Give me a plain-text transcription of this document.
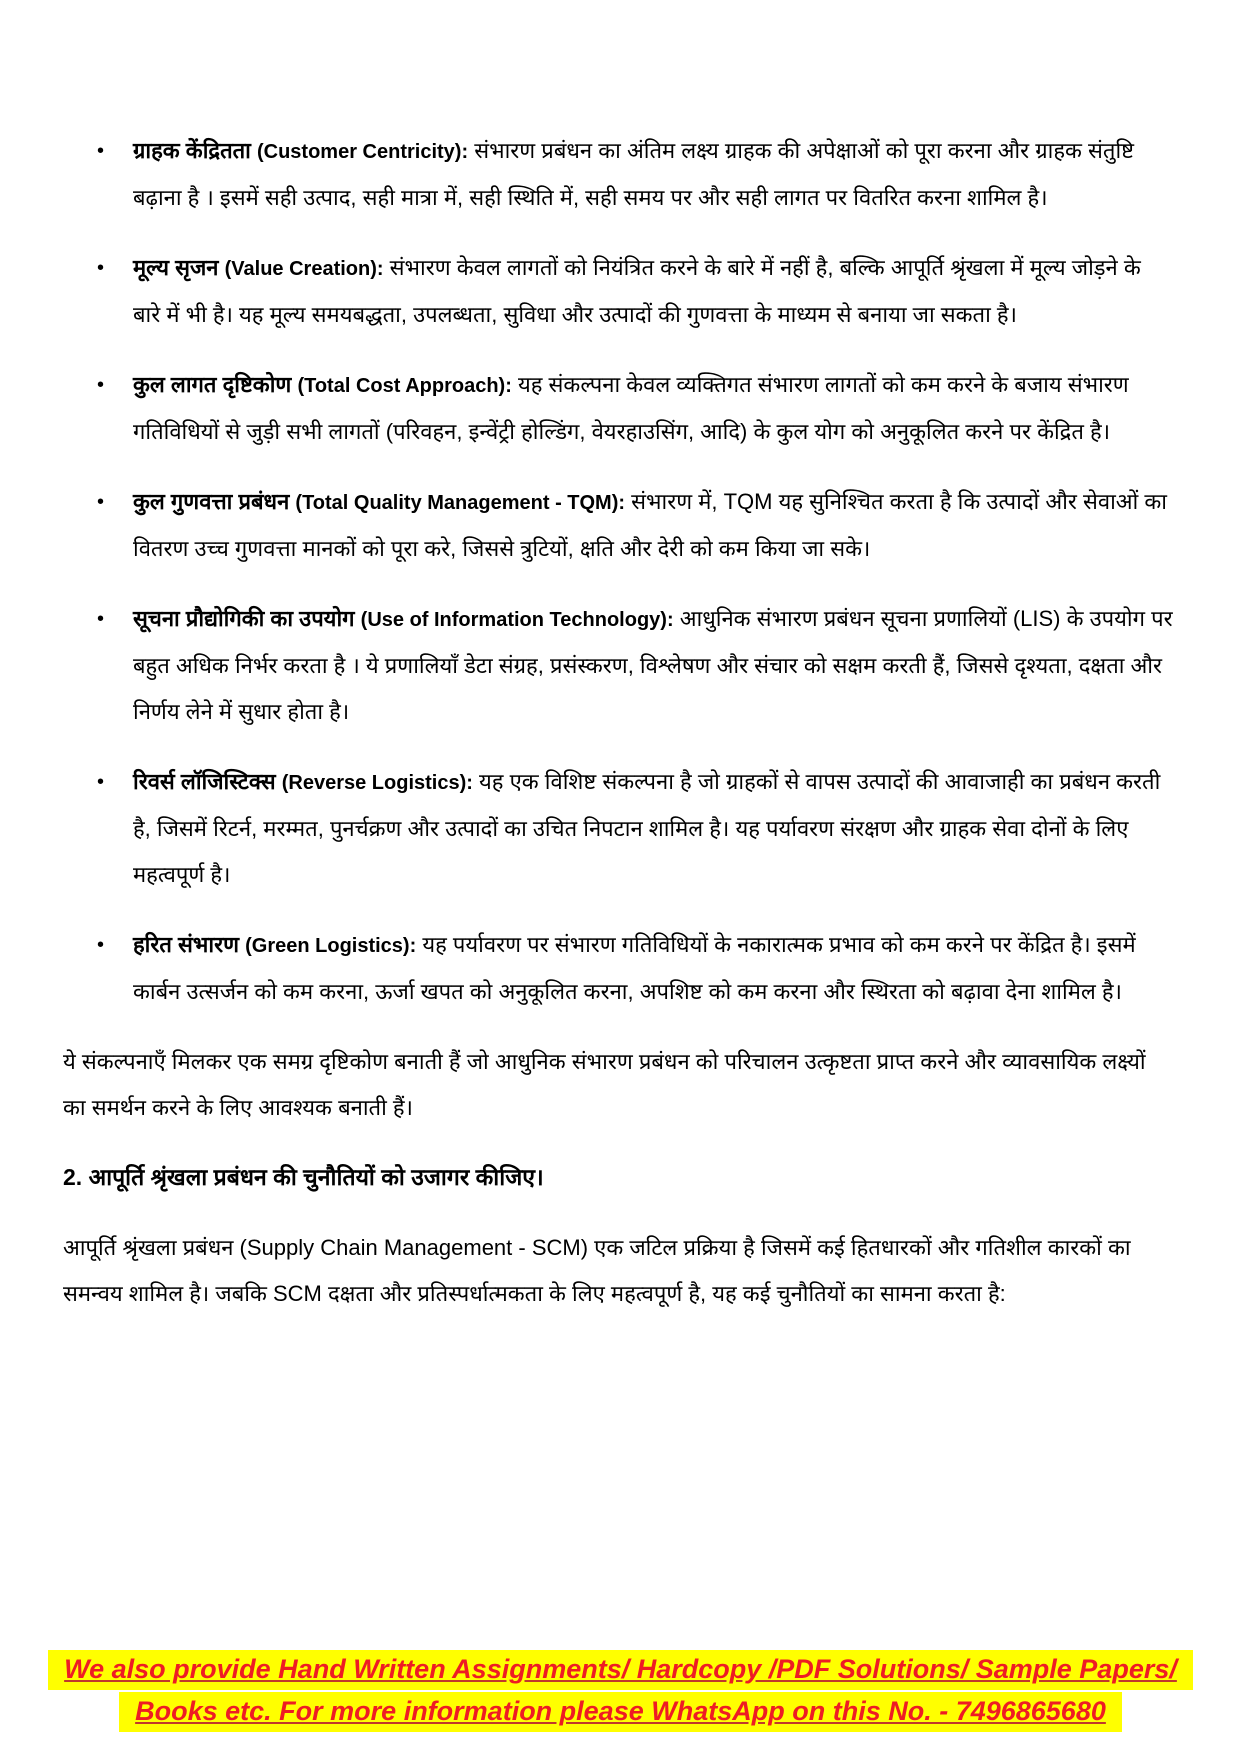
•	ग्राहक केंद्रितता (Customer Centricity): संभारण प्रबंधन का अंतिम लक्ष्य ग्राहक की अपेक्षाओं को पूरा करना और ग्राहक संतुष्टि बढ़ाना है । इसमें सही उत्पाद, सही मात्रा में, सही स्थिति में, सही समय पर और सही लागत पर वितरित करना शामिल है।

•	मूल्य सृजन (Value Creation): संभारण केवल लागतों को नियंत्रित करने के बारे में नहीं है, बल्कि आपूर्ति श्रृंखला में मूल्य जोड़ने के बारे में भी है। यह मूल्य समयबद्धता, उपलब्धता, सुविधा और उत्पादों की गुणवत्ता के माध्यम से बनाया जा सकता है।

•	कुल लागत दृष्टिकोण (Total Cost Approach): यह संकल्पना केवल व्यक्तिगत संभारण लागतों को कम करने के बजाय संभारण गतिविधियों से जुड़ी सभी लागतों (परिवहन, इन्वेंट्री होल्डिंग, वेयरहाउसिंग, आदि) के कुल योग को अनुकूलित करने पर केंद्रित है।

•	कुल गुणवत्ता प्रबंधन (Total Quality Management - TQM): संभारण में, TQM यह सुनिश्चित करता है कि उत्पादों और सेवाओं का वितरण उच्च गुणवत्ता मानकों को पूरा करे, जिससे त्रुटियों, क्षति और देरी को कम किया जा सके।

•	सूचना प्रौद्योगिकी का उपयोग (Use of Information Technology): आधुनिक संभारण प्रबंधन सूचना प्रणालियों (LIS) के उपयोग पर बहुत अधिक निर्भर करता है । ये प्रणालियाँ डेटा संग्रह, प्रसंस्करण, विश्लेषण और संचार को सक्षम करती हैं, जिससे दृश्यता, दक्षता और निर्णय लेने में सुधार होता है।

•	रिवर्स लॉजिस्टिक्स (Reverse Logistics): यह एक विशिष्ट संकल्पना है जो ग्राहकों से वापस उत्पादों की आवाजाही का प्रबंधन करती है, जिसमें रिटर्न, मरम्मत, पुनर्चक्रण और उत्पादों का उचित निपटान शामिल है। यह पर्यावरण संरक्षण और ग्राहक सेवा दोनों के लिए महत्वपूर्ण है।

•	हरित संभारण (Green Logistics): यह पर्यावरण पर संभारण गतिविधियों के नकारात्मक प्रभाव को कम करने पर केंद्रित है। इसमें कार्बन उत्सर्जन को कम करना, ऊर्जा खपत को अनुकूलित करना, अपशिष्ट को कम करना और स्थिरता को बढ़ावा देना शामिल है।

ये संकल्पनाएँ मिलकर एक समग्र दृष्टिकोण बनाती हैं जो आधुनिक संभारण प्रबंधन को परिचालन उत्कृष्टता प्राप्त करने और व्यावसायिक लक्ष्यों का समर्थन करने के लिए आवश्यक बनाती हैं।

2. आपूर्ति श्रृंखला प्रबंधन की चुनौतियों को उजागर कीजिए।

आपूर्ति श्रृंखला प्रबंधन (Supply Chain Management - SCM) एक जटिल प्रक्रिया है जिसमें कई हितधारकों और गतिशील कारकों का समन्वय शामिल है। जबकि SCM दक्षता और प्रतिस्पर्धात्मकता के लिए महत्वपूर्ण है, यह कई चुनौतियों का सामना करता है:

We also provide Hand Written Assignments/ Hardcopy /PDF Solutions/ Sample Papers/
Books etc. For more information please WhatsApp on this No. - 7496865680
